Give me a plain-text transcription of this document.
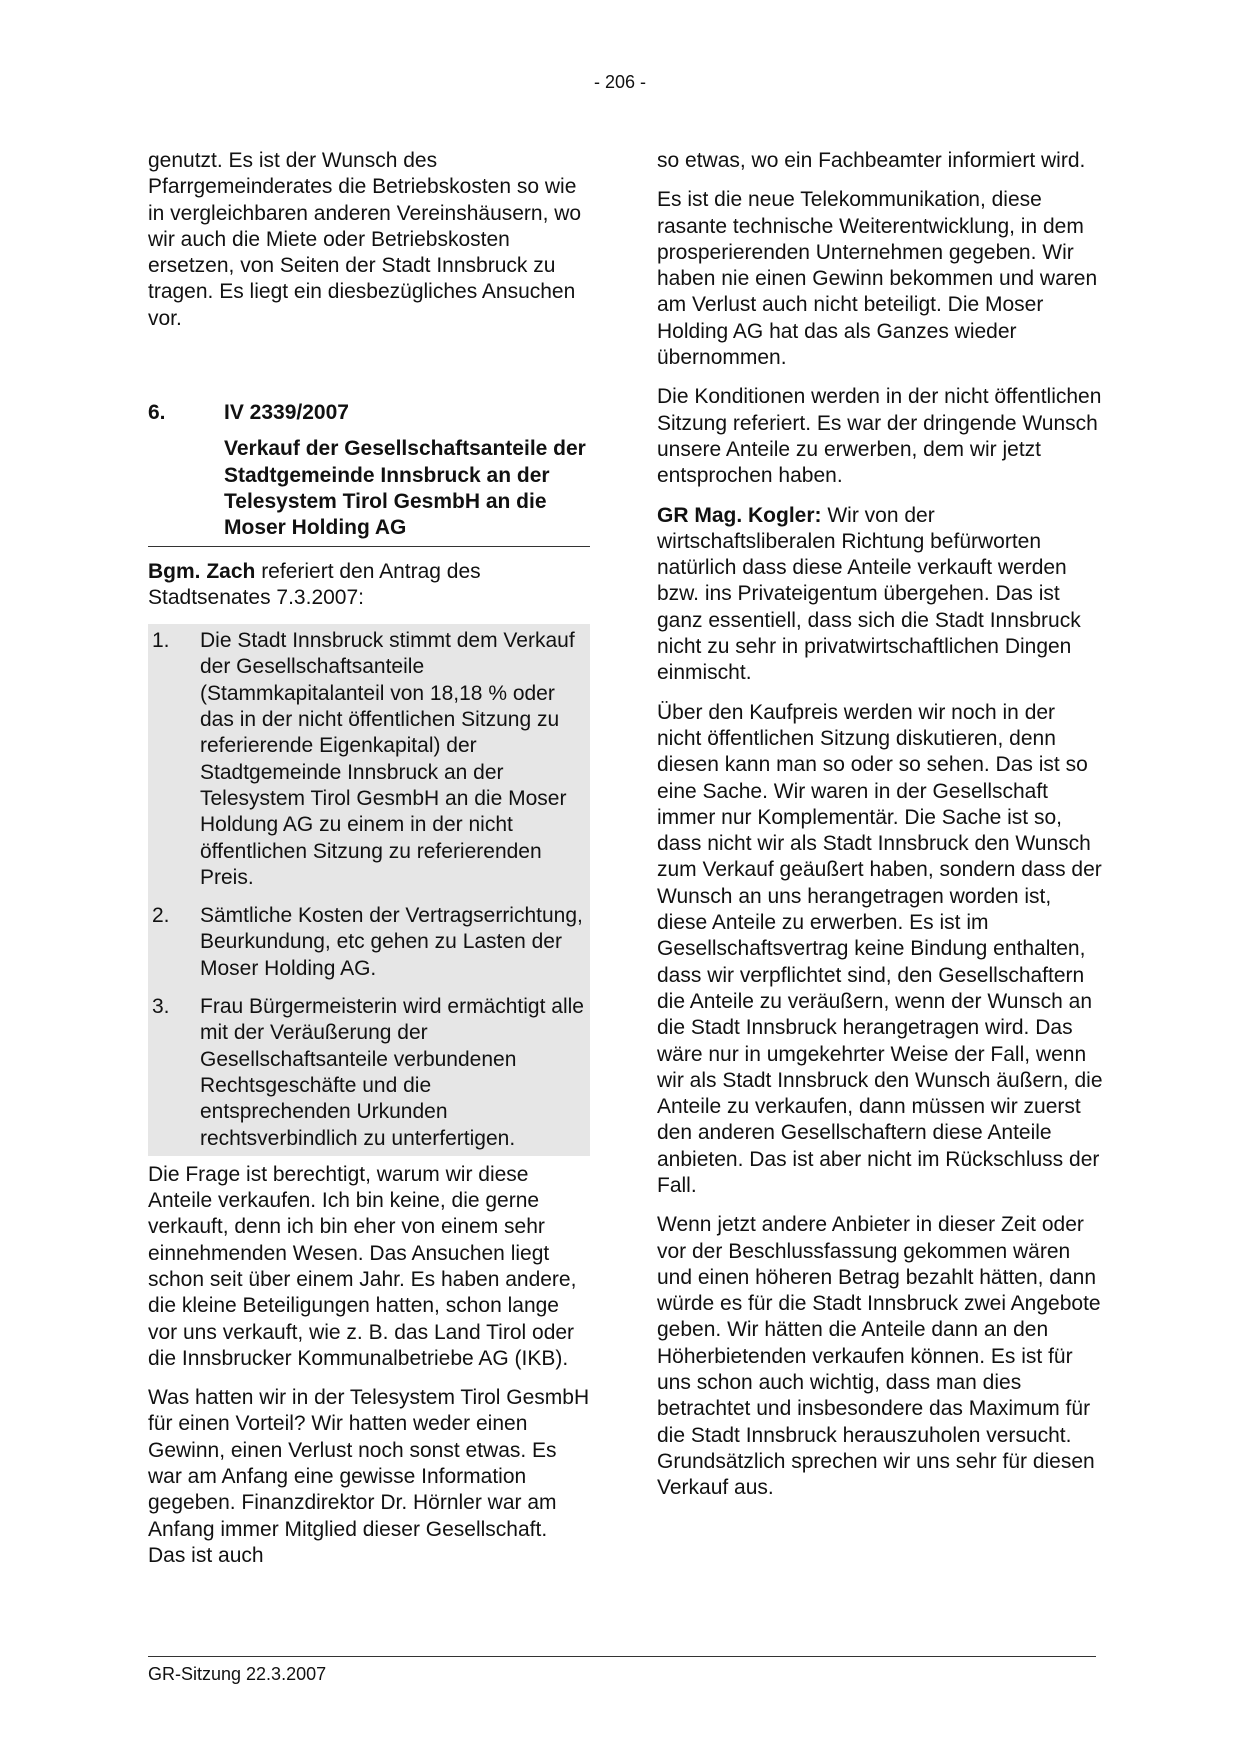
- 206 -

genutzt. Es ist der Wunsch des Pfarrgemeinderates die Betriebskosten so wie in vergleichbaren anderen Vereinshäusern, wo wir auch die Miete oder Betriebskosten ersetzen, von Seiten der Stadt Innsbruck zu tragen. Es liegt ein diesbezügliches Ansuchen vor.

6.	IV 2339/2007
Verkauf der Gesellschaftsanteile der Stadtgemeinde Innsbruck an der Telesystem Tirol GesmbH an die Moser Holding AG

Bgm. Zach referiert den Antrag des Stadtsenates 7.3.2007:

1.	Die Stadt Innsbruck stimmt dem Verkauf der Gesellschaftsanteile (Stammkapitalanteil von 18,18 % oder das in der nicht öffentlichen Sitzung zu referierende Eigenkapital) der Stadtgemeinde Innsbruck an der Telesystem Tirol GesmbH an die Moser Holdung AG zu einem in der nicht öffentlichen Sitzung zu referierenden Preis.
2.	Sämtliche Kosten der Vertragserrichtung, Beurkundung, etc gehen zu Lasten der Moser Holding AG.
3.	Frau Bürgermeisterin wird ermächtigt alle mit der Veräußerung der Gesellschaftsanteile verbundenen Rechtsgeschäfte und die entsprechenden Urkunden rechtsverbindlich zu unterfertigen.

Die Frage ist berechtigt, warum wir diese Anteile verkaufen. Ich bin keine, die gerne verkauft, denn ich bin eher von einem sehr einnehmenden Wesen. Das Ansuchen liegt schon seit über einem Jahr. Es haben andere, die kleine Beteiligungen hatten, schon lange vor uns verkauft, wie z. B. das Land Tirol oder die Innsbrucker Kommunalbetriebe AG (IKB).

Was hatten wir in der Telesystem Tirol GesmbH für einen Vorteil? Wir hatten weder einen Gewinn, einen Verlust noch sonst etwas. Es war am Anfang eine gewisse Information gegeben. Finanzdirektor Dr. Hörnler war am Anfang immer Mitglied dieser Gesellschaft. Das ist auch

so etwas, wo ein Fachbeamter informiert wird.

Es ist die neue Telekommunikation, diese rasante technische Weiterentwicklung, in dem prosperierenden Unternehmen gegeben. Wir haben nie einen Gewinn bekommen und waren am Verlust auch nicht beteiligt. Die Moser Holding AG hat das als Ganzes wieder übernommen.

Die Konditionen werden in der nicht öffentlichen Sitzung referiert. Es war der dringende Wunsch unsere Anteile zu erwerben, dem wir jetzt entsprochen haben.

GR Mag. Kogler: Wir von der wirtschaftsliberalen Richtung befürworten natürlich dass diese Anteile verkauft werden bzw. ins Privateigentum übergehen. Das ist ganz essentiell, dass sich die Stadt Innsbruck nicht zu sehr in privatwirtschaftlichen Dingen einmischt.

Über den Kaufpreis werden wir noch in der nicht öffentlichen Sitzung diskutieren, denn diesen kann man so oder so sehen. Das ist so eine Sache. Wir waren in der Gesellschaft immer nur Komplementär. Die Sache ist so, dass nicht wir als Stadt Innsbruck den Wunsch zum Verkauf geäußert haben, sondern dass der Wunsch an uns herangetragen worden ist, diese Anteile zu erwerben. Es ist im Gesellschaftsvertrag keine Bindung enthalten, dass wir verpflichtet sind, den Gesellschaftern die Anteile zu veräußern, wenn der Wunsch an die Stadt Innsbruck herangetragen wird. Das wäre nur in umgekehrter Weise der Fall, wenn wir als Stadt Innsbruck den Wunsch äußern, die Anteile zu verkaufen, dann müssen wir zuerst den anderen Gesellschaftern diese Anteile anbieten. Das ist aber nicht im Rückschluss der Fall.

Wenn jetzt andere Anbieter in dieser Zeit oder vor der Beschlussfassung gekommen wären und einen höheren Betrag bezahlt hätten, dann würde es für die Stadt Innsbruck zwei Angebote geben. Wir hätten die Anteile dann an den Höherbietenden verkaufen können. Es ist für uns schon auch wichtig, dass man dies betrachtet und insbesondere das Maximum für die Stadt Innsbruck herauszuholen versucht. Grundsätzlich sprechen wir uns sehr für diesen Verkauf aus.

GR-Sitzung 22.3.2007
